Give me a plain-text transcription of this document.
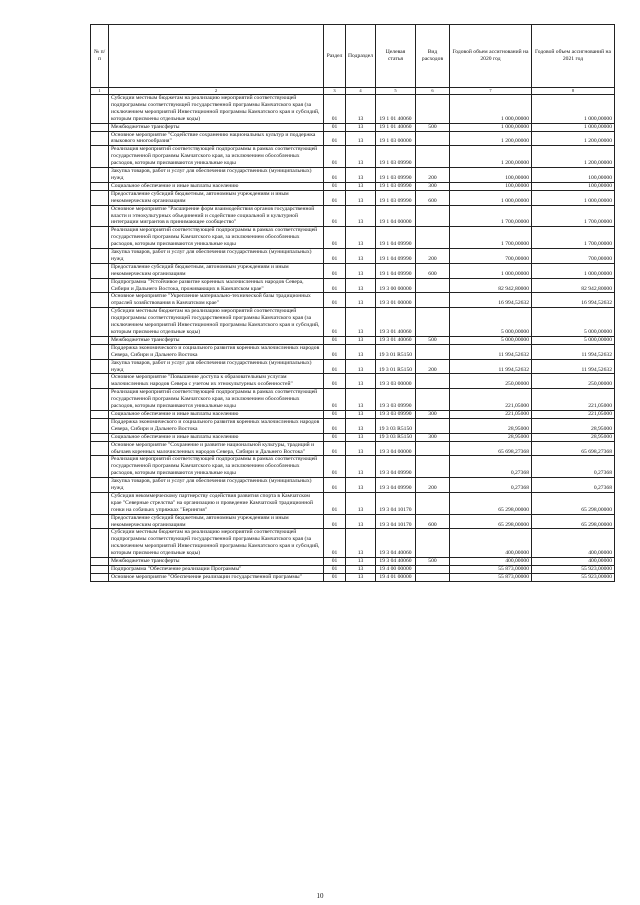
№ п/п		Раздел	Подраздел	Целевая статья	Вид расходов	Годовой объем ассигнований на 2020 год	Годовой объем ассигнований на 2021 год
1	2	3	4	5	6	7	8
	Субсидии местным бюджетам на реализацию мероприятий соответствующей подпрограммы соответствующей государственной программы Камчатского края (за исключением мероприятий Инвестиционной программы Камчатского края и субсидий, которым присвоены отдельные коды)	01	13	19 1 01 40060		1 000,00000	1 000,00000
	Межбюджетные трансферты	01	13	19 1 01 40060	500	1 000,00000	1 000,00000
	Основное мероприятие "Содействие сохранению национальных культур и поддержка языкового многообразия"	01	13	19 1 03 00000		1 200,00000	1 200,00000
	Реализация мероприятий соответствующей подпрограммы в рамках соответствующей государственной программы Камчатского края, за исключением обособленных расходов, которым присваиваются уникальные коды	01	13	19 1 03 09990		1 200,00000	1 200,00000
	Закупка товаров, работ и услуг для обеспечения государственных (муниципальных) нужд	01	13	19 1 03 09990	200	100,00000	100,00000
	Социальное обеспечение и иные выплаты населению	01	13	19 1 03 09990	300	100,00000	100,00000
	Предоставление субсидий бюджетным, автономным учреждениям и иным некоммерческим организациям	01	13	19 1 03 09990	600	1 000,00000	1 000,00000
	Основное мероприятие "Расширение форм взаимодействия органов государственной власти и этнокультурных объединений и содействие социальной и культурной интеграции мигрантов в принимающее сообщество"	01	13	19 1 04 00000		1 700,00000	1 700,00000
	Реализация мероприятий соответствующей подпрограммы в рамках соответствующей государственной программы Камчатского края, за исключением обособленных расходов, которым присваиваются уникальные коды	01	13	19 1 04 09990		1 700,00000	1 700,00000
	Закупка товаров, работ и услуг для обеспечения государственных (муниципальных) нужд	01	13	19 1 04 09990	200	700,00000	700,00000
	Предоставление субсидий бюджетным, автономным учреждениям и иным некоммерческим организациям	01	13	19 1 04 09990	600	1 000,00000	1 000,00000
	Подпрограмма "Устойчивое развитие коренных малочисленных народов Севера, Сибири и Дальнего Востока, проживающих в Камчатском крае"	01	13	19 3 00 00000		82 942,80000	82 942,80000
	Основное мероприятие "Укрепление материально-технической базы традиционных отраслей хозяйствования в Камчатском крае"	01	13	19 3 01 00000		16 994,52632	16 994,52632
	Субсидии местным бюджетам на реализацию мероприятий соответствующей подпрограммы соответствующей государственной программы Камчатского края (за исключением мероприятий Инвестиционной программы Камчатского края и субсидий, которым присвоены отдельные коды)	01	13	19 3 01 40060		5 000,00000	5 000,00000
	Межбюджетные трансферты	01	13	19 3 01 40060	500	5 000,00000	5 000,00000
	Поддержка экономического и социального развития коренных малочисленных народов Севера, Сибири и Дальнего Востока	01	13	19 3 01 R5150		11 994,52632	11 994,52632
	Закупка товаров, работ и услуг для обеспечения государственных (муниципальных) нужд	01	13	19 3 01 R5150	200	11 994,52632	11 994,52632
	Основное мероприятие "Повышение доступа к образовательным услугам малочисленных народов Севера с учетом их этнокультурных особенностей"	01	13	19 3 03 00000		250,00000	250,00000
	Реализация мероприятий соответствующей подпрограммы в рамках соответствующей государственной программы Камчатского края, за исключением обособленных расходов, которым присваиваются уникальные коды	01	13	19 3 03 09990		221,05000	221,05000
	Социальное обеспечение и иные выплаты населению	01	13	19 3 03 09990	300	221,05000	221,05000
	Поддержка экономического и социального развития коренных малочисленных народов Севера, Сибири и Дальнего Востока	01	13	19 3 03 R5150		28,95000	28,95000
	Социальное обеспечение и иные выплаты населению	01	13	19 3 03 R5150	300	28,95000	28,95000
	Основное мероприятие "Сохранение и развитие национальной культуры, традиций и обычаев коренных малочисленных народов Севера, Сибири и Дальнего Востока"	01	13	19 3 04 00000		65 698,27368	65 698,27368
	Реализация мероприятий соответствующей подпрограммы в рамках соответствующей государственной программы Камчатского края, за исключением обособленных расходов, которым присваиваются уникальные коды	01	13	19 3 04 09990		0,27368	0,27368
	Закупка товаров, работ и услуг для обеспечения государственных (муниципальных) нужд	01	13	19 3 04 09990	200	0,27368	0,27368
	Субсидия некоммерческому партнерству содействия развития спорта в Камчатском крае "Северные стрелства" на организацию и проведение Камчатской традиционной гонки на собачьих упряжках "Берингия"	01	13	19 3 04 10170		65 298,00000	65 298,00000
	Предоставление субсидий бюджетным, автономным учреждениям и иным некоммерческим организациям	01	13	19 3 04 10170	600	65 298,00000	65 298,00000
	Субсидии местным бюджетам на реализацию мероприятий соответствующей подпрограммы соответствующей государственной программы Камчатского края (за исключением мероприятий Инвестиционной программы Камчатского края и субсидий, которым присвоены отдельные коды)	01	13	19 3 04 40060		400,00000	400,00000
	Межбюджетные трансферты	01	13	19 3 04 40060	500	400,00000	400,00000
	Подпрограмма "Обеспечение реализации Программы"	01	13	19 4 00 00000		55 873,00000	55 923,00000
	Основное мероприятие "Обеспечение реализации государственной программы"	01	13	19 4 01 00000		55 873,00000	55 923,00000
10
